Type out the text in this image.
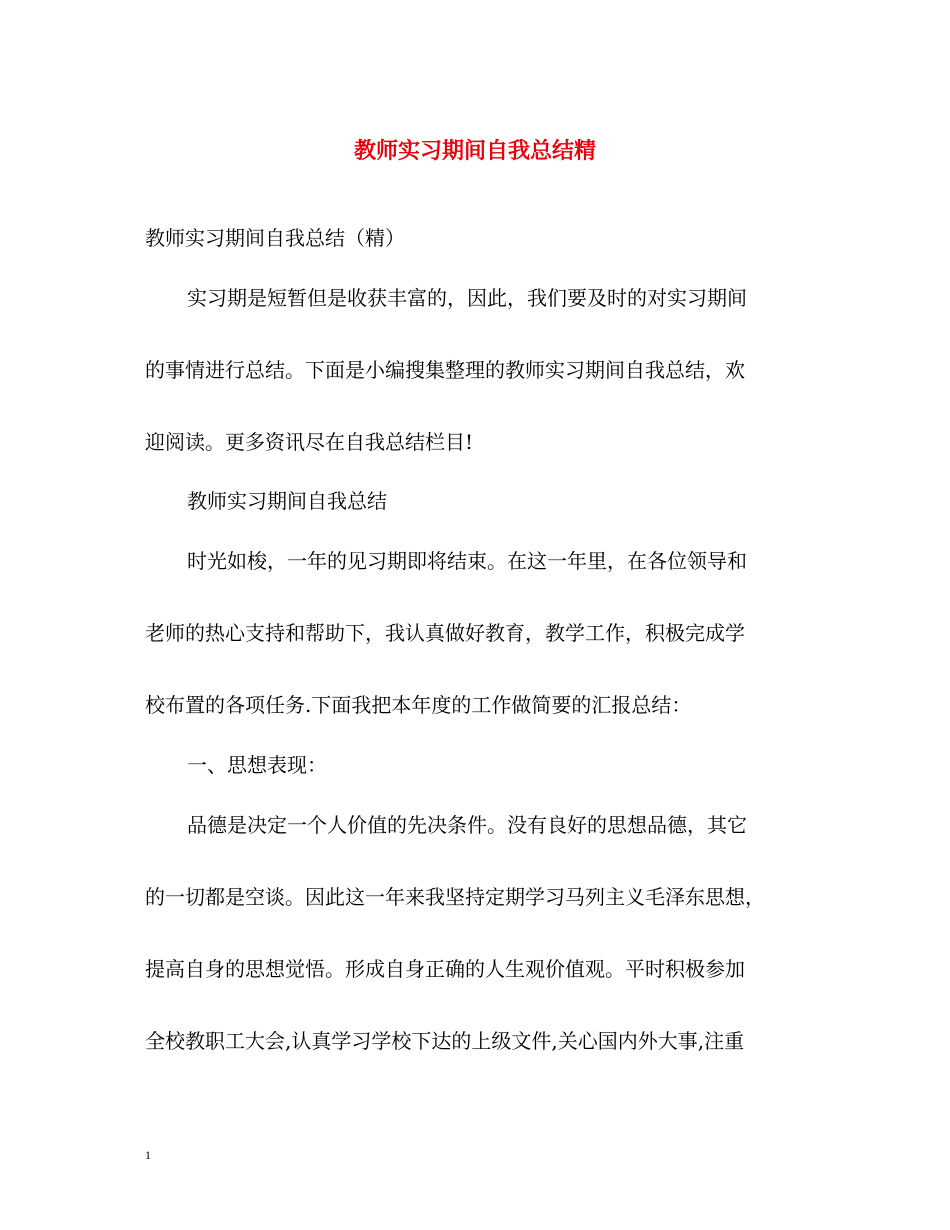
教师实习期间自我总结精
教师实习期间自我总结（精）
实习期是短暂但是收获丰富的，因此，我们要及时的对实习期间
的事情进行总结。下面是小编搜集整理的教师实习期间自我总结，欢
迎阅读。更多资讯尽在自我总结栏目!
教师实习期间自我总结
时光如梭，一年的见习期即将结束。在这一年里，在各位领导和
老师的热心支持和帮助下，我认真做好教育，教学工作，积极完成学
校布置的各项任务.下面我把本年度的工作做简要的汇报总结：
一、思想表现：
品德是决定一个人价值的先决条件。没有良好的思想品德，其它
的一切都是空谈。因此这一年来我坚持定期学习马列主义毛泽东思想，
提高自身的思想觉悟。形成自身正确的人生观价值观。平时积极参加
全校教职工大会,认真学习学校下达的上级文件,关心国内外大事,注重
1
